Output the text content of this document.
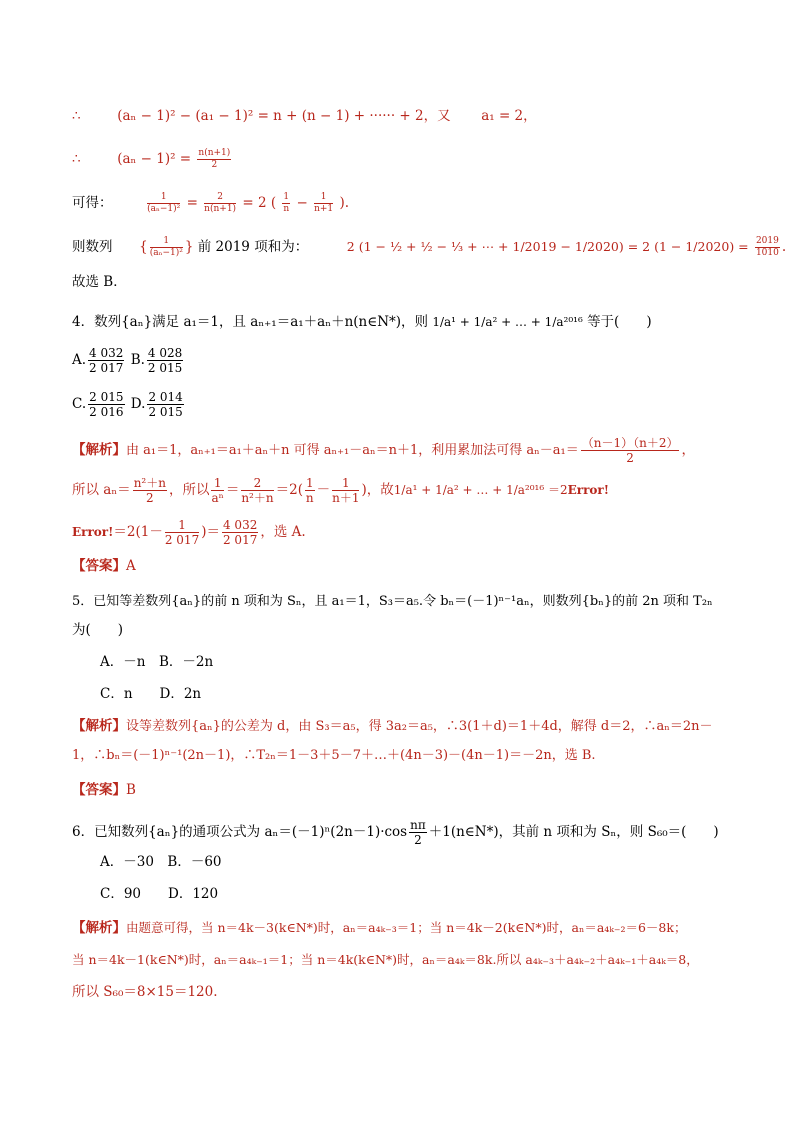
∴	(aₙ − 1)² − (a₁ − 1)² = n + (n − 1) + ······ + 2，又 a₁ = 2，
∴	$(a_n - 1)^2 = \frac{n(n+1)}{2}$
可得：	$\frac{1}{\text{(aₙ−1)²}} = \frac{2}{n(n+1)} = 2$ ( $\frac{1}{n} - \frac{1}{n+1}$ ).
则数列 { $\frac{1}{\text{(aₙ−1)²}}$ } 前 2019 项和为：	2 (1 − ½ + ½ − ⅓ + ⋯ + 1/2019 − 1/2020) = 2 $(1 - 1/2020) = \frac{2019}{1010}$ .
故选 B．
4．数列{aₙ}满足 a₁＝1，且 aₙ₊₁＝a₁＋aₙ＋n(n∈N*)，则 1/a¹ + 1/a² + … + 1/a²⁰¹⁶ 等于(　　)
A. $\frac{4 032}{2 017} B$. $\frac{4 028}{2 015}$
C. $\frac{2 015}{2 016} D$. $\frac{2 014}{2 015}$
【解析】由 a₁＝1，aₙ₊₁＝a₁＋aₙ＋n 可得 aₙ₊₁－aₙ＝n＋1，利用累加法可得 $a_n-a_1= \frac{(n-1)(n+2)}{2}$ ，
所以 $a_n= \frac{\text{n²＋n}}{2}$ ，所以 $\frac{1}{\text{aⁿ}} = \frac{2}{\text{n²＋n}} =2( \frac{1}{n} - \frac{1}{n+1}$ )，故1/a¹ + 1/a² + … + 1/a²⁰¹⁶ ＝2Error!
Error!＝2(1－ $\frac{1}{2 017}$ )＝ $\frac{4 032}{2 017}$ ，选 A.
【答案】A
5．已知等差数列{aₙ}的前 n 项和为 Sₙ，且 a₁＝1，S₃＝a₅.令 bₙ＝(－1)ⁿ⁻¹aₙ，则数列{bₙ}的前 2n 项和 T₂ₙ
为(　　)
A．－n　B．－2n
C．n　　D．2n
【解析】设等差数列{aₙ}的公差为 d，由 S₃＝a₅，得 3a₂＝a₅，∴3(1＋d)＝1＋4d，解得 d＝2，∴aₙ＝2n－
1，∴bₙ＝(－1)ⁿ⁻¹(2n－1)，∴T₂ₙ＝1－3＋5－7＋…＋(4n－3)－(4n－1)＝－2n，选 B.
【答案】B
6．已知数列{aₙ}的通项公式为 $a_n=(-1)^n(2n-1)\cdot\cos \frac{n\pi}{2}$ ＋1(n∈N*)，其前 n 项和为 Sₙ，则 S₆₀＝(　　)
A．－30　B．－60
C．90　　D．120
【解析】由题意可得，当 n＝4k－3(k∈N*)时，aₙ＝a₄ₖ₋₃＝1；当 n＝4k－2(k∈N*)时，aₙ＝a₄ₖ₋₂＝6－8k；
当 n＝4k－1(k∈N*)时，aₙ＝a₄ₖ₋₁＝1；当 n＝4k(k∈N*)时，aₙ＝a₄ₖ＝8k.所以 a₄ₖ₋₃＋a₄ₖ₋₂＋a₄ₖ₋₁＋a₄ₖ＝8，
所以 S₆₀＝8×15＝120.
